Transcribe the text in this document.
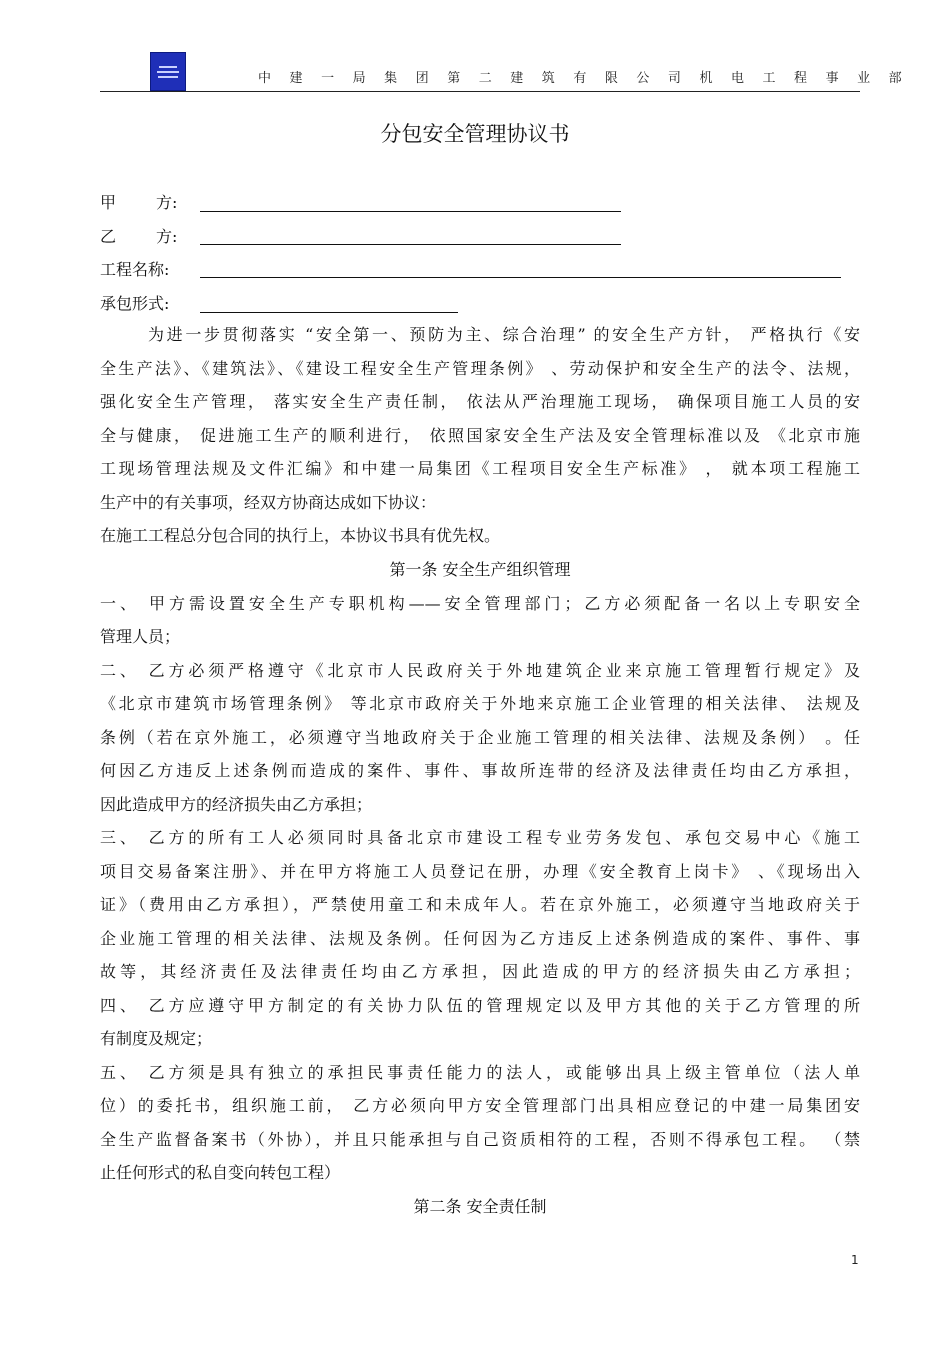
中 建 一 局 集 团 第 二 建 筑 有 限 公 司 机 电 工 程 事 业 部
分包安全管理协议书
甲	方:
乙	方:
工程名称:
承包形式:
为进一步贯彻落实 “安全第一、预防为主、综合治理” 的安全生产方针， 严格执行《安
全生产法》、《建筑法》、《建设工程安全生产管理条例》 、劳动保护和安全生产的法令、法规，
强化安全生产管理， 落实安全生产责任制， 依法从严治理施工现场， 确保项目施工人员的安
全与健康， 促进施工生产的顺利进行， 依照国家安全生产法及安全管理标准以及 《北京市施
工现场管理法规及文件汇编》和中建一局集团《工程项目安全生产标准》 ， 就本项工程施工
生产中的有关事项，经双方协商达成如下协议：
在施工工程总分包合同的执行上，本协议书具有优先权。
第一条 安全生产组织管理
一、 甲方需设置安全生产专职机构——安全管理部门；乙方必须配备一名以上专职安全
管理人员；
二、 乙方必须严格遵守《北京市人民政府关于外地建筑企业来京施工管理暂行规定》及
《北京市建筑市场管理条例》 等北京市政府关于外地来京施工企业管理的相关法律、 法规及
条例（若在京外施工，必须遵守当地政府关于企业施工管理的相关法律、法规及条例） 。任
何因乙方违反上述条例而造成的案件、事件、事故所连带的经济及法律责任均由乙方承担，
因此造成甲方的经济损失由乙方承担；
三、 乙方的所有工人必须同时具备北京市建设工程专业劳务发包、承包交易中心《施工
项目交易备案注册》、并在甲方将施工人员登记在册，办理《安全教育上岗卡》 、《现场出入
证》（费用由乙方承担），严禁使用童工和未成年人。若在京外施工，必须遵守当地政府关于
企业施工管理的相关法律、法规及条例。任何因为乙方违反上述条例造成的案件、事件、事
故等，其经济责任及法律责任均由乙方承担，因此造成的甲方的经济损失由乙方承担；
四、 乙方应遵守甲方制定的有关协力队伍的管理规定以及甲方其他的关于乙方管理的所
有制度及规定；
五、 乙方须是具有独立的承担民事责任能力的法人，或能够出具上级主管单位（法人单
位）的委托书，组织施工前， 乙方必须向甲方安全管理部门出具相应登记的中建一局集团安
全生产监督备案书（外协），并且只能承担与自己资质相符的工程，否则不得承包工程。 （禁
止任何形式的私自变向转包工程）
第二条 安全责任制
1
